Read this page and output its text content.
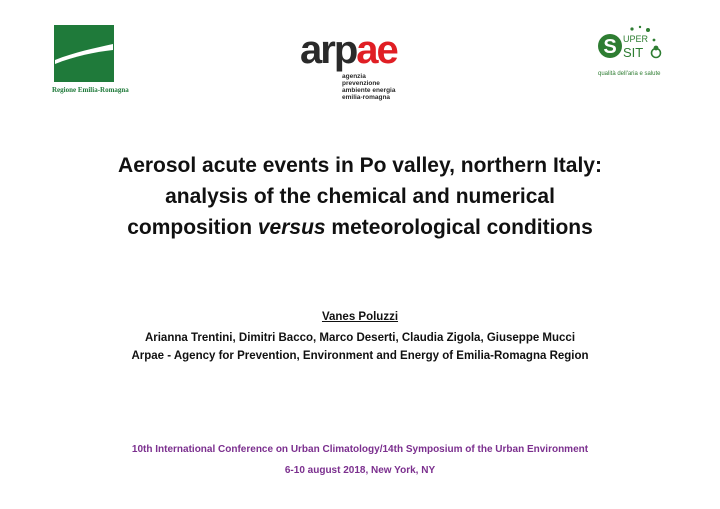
Regione Emilia-Romagna
arpae
agenzia
prevenzione
ambiente energia
emilia-romagna
S UPER
SIT
qualità dell'aria e salute
Aerosol acute events in Po valley, northern Italy: analysis of the chemical and numerical composition versus meteorological conditions
Vanes Poluzzi
Arianna Trentini, Dimitri Bacco, Marco Deserti, Claudia Zigola, Giuseppe Mucci
Arpae - Agency for Prevention, Environment and Energy of Emilia-Romagna Region
10th International Conference on Urban Climatology/14th Symposium of the Urban Environment
6-10 august 2018, New York, NY
